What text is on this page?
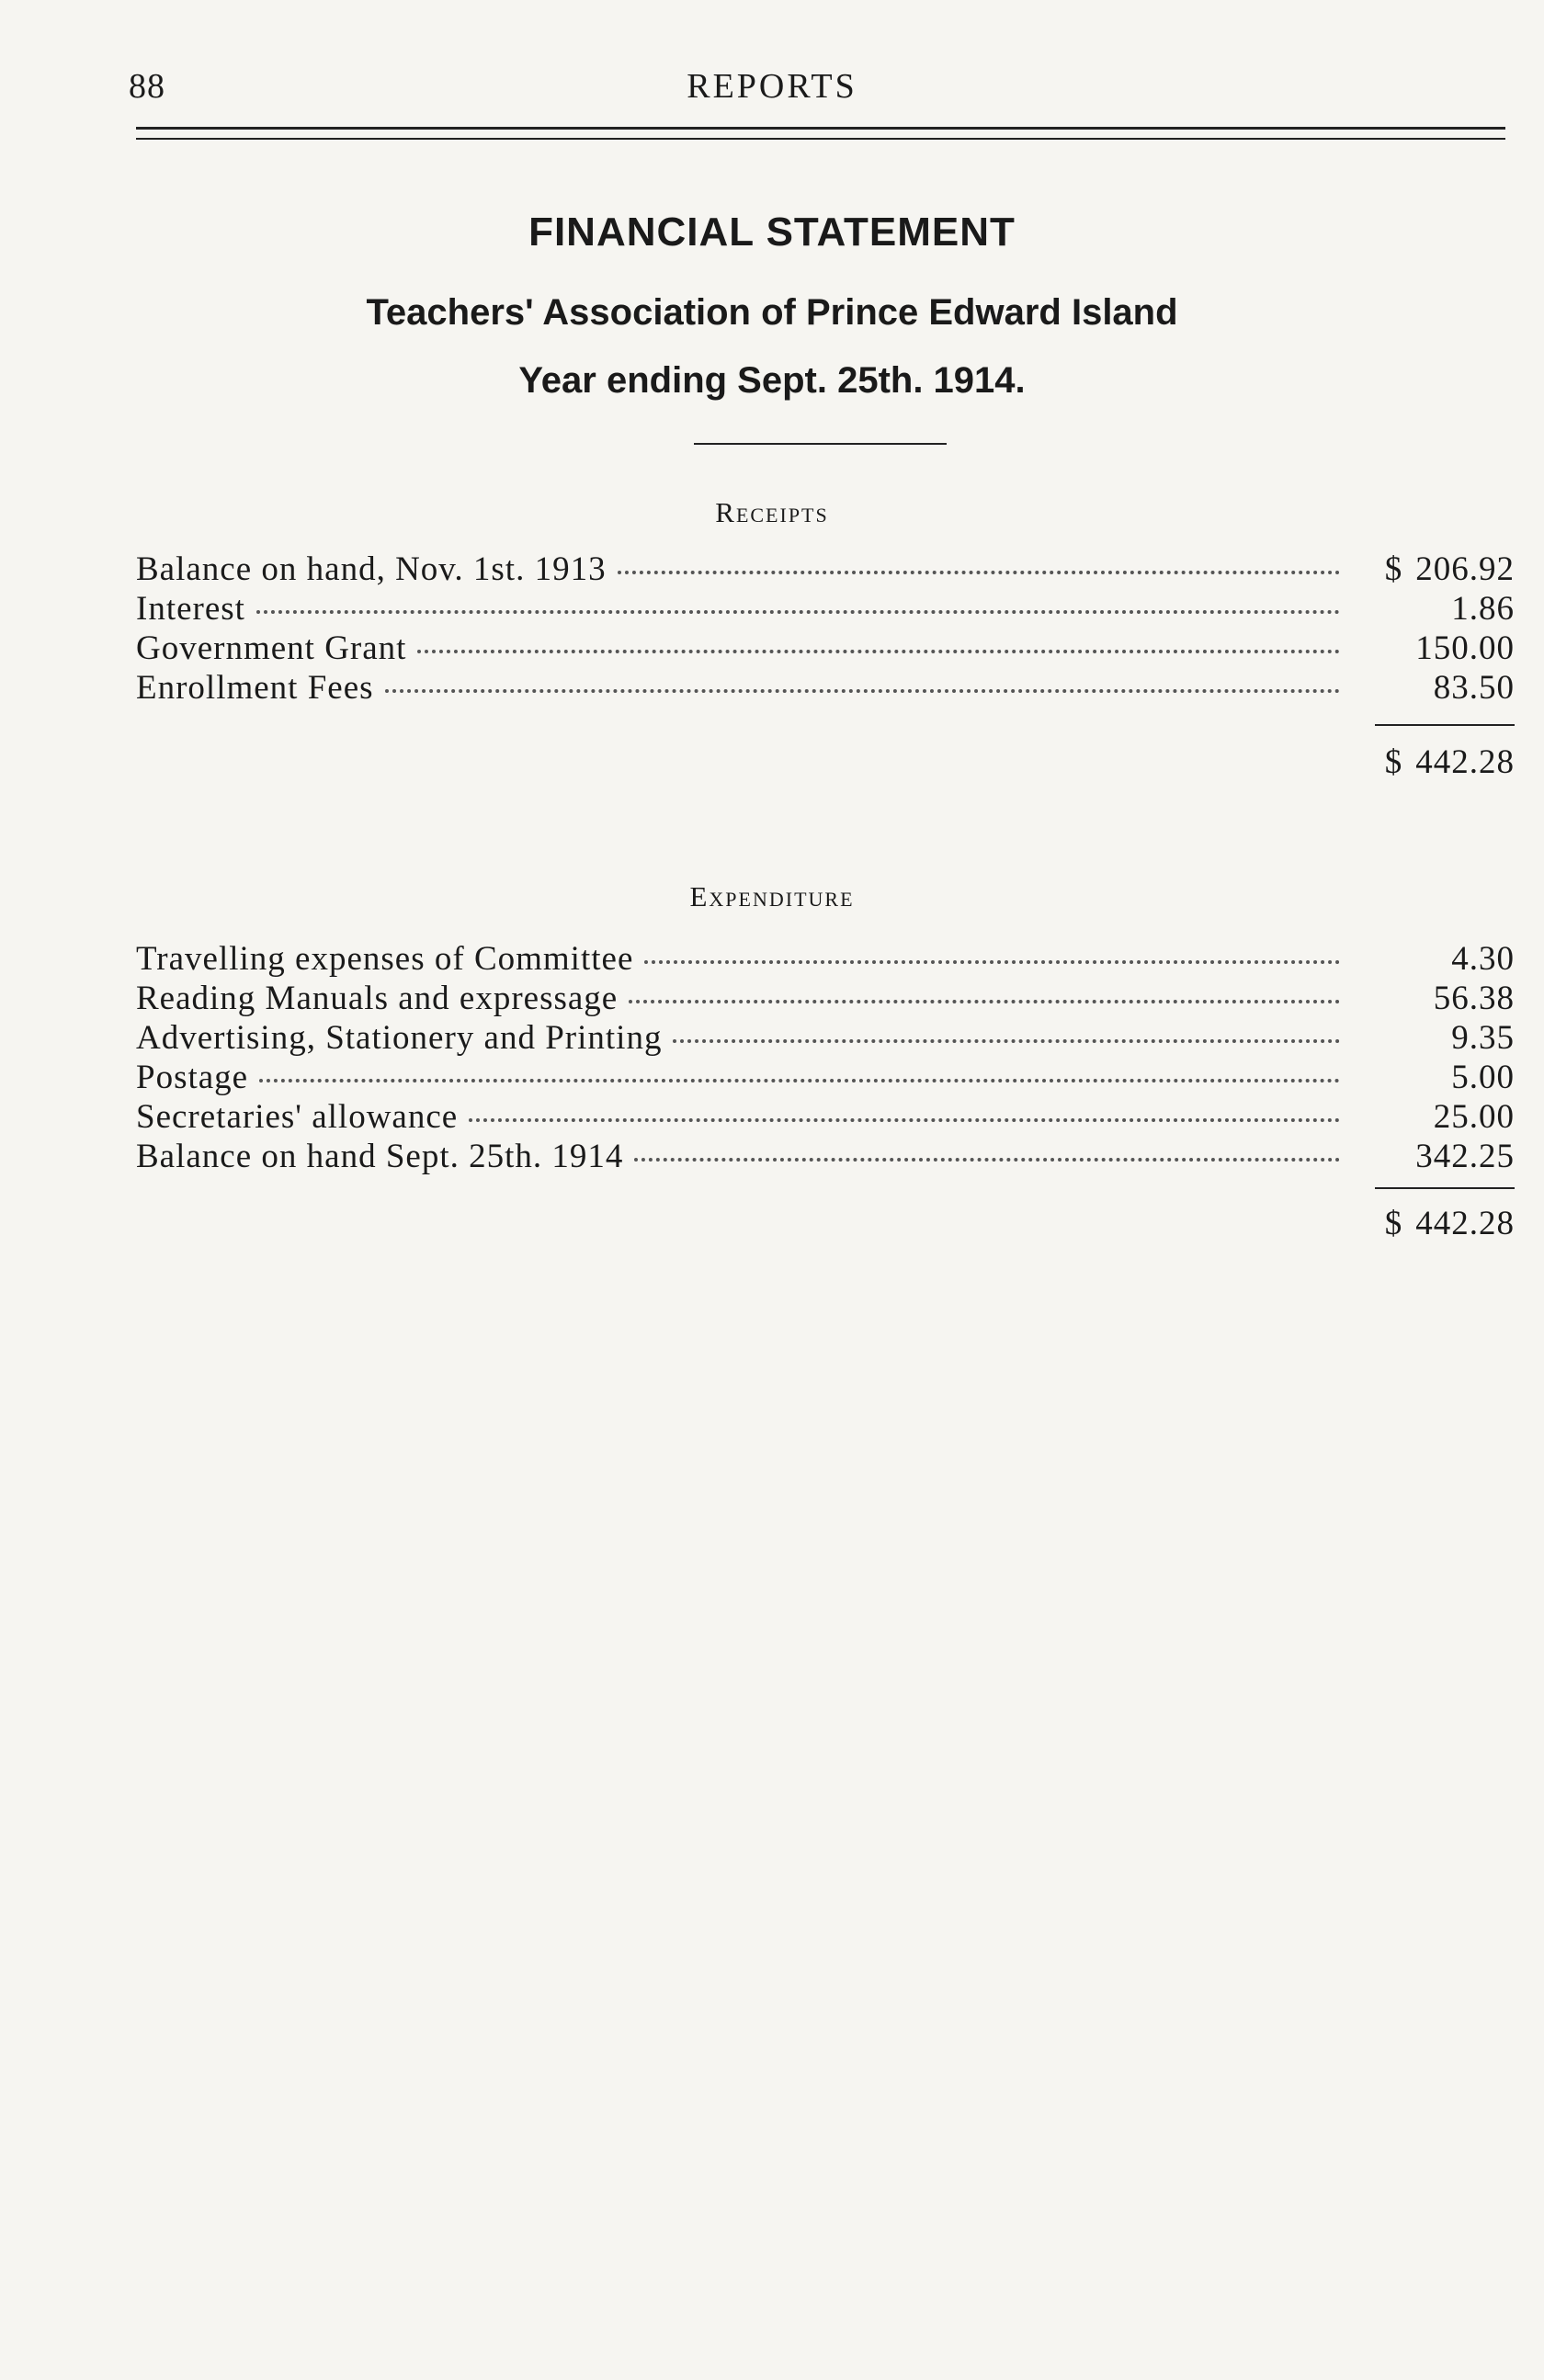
88	REPORTS
FINANCIAL STATEMENT
Teachers' Association of Prince Edward Island
Year ending Sept. 25th. 1914.
Receipts
Balance on hand, Nov. 1st. 1913	$ 206.92
Interest	1.86
Government Grant	150.00
Enrollment Fees	83.50
$ 442.28
Expenditure
Travelling expenses of Committee	4.30
Reading Manuals and expressage	56.38
Advertising, Stationery and Printing	9.35
Postage	5.00
Secretaries' allowance	25.00
Balance on hand Sept. 25th. 1914	342.25
$ 442.28
